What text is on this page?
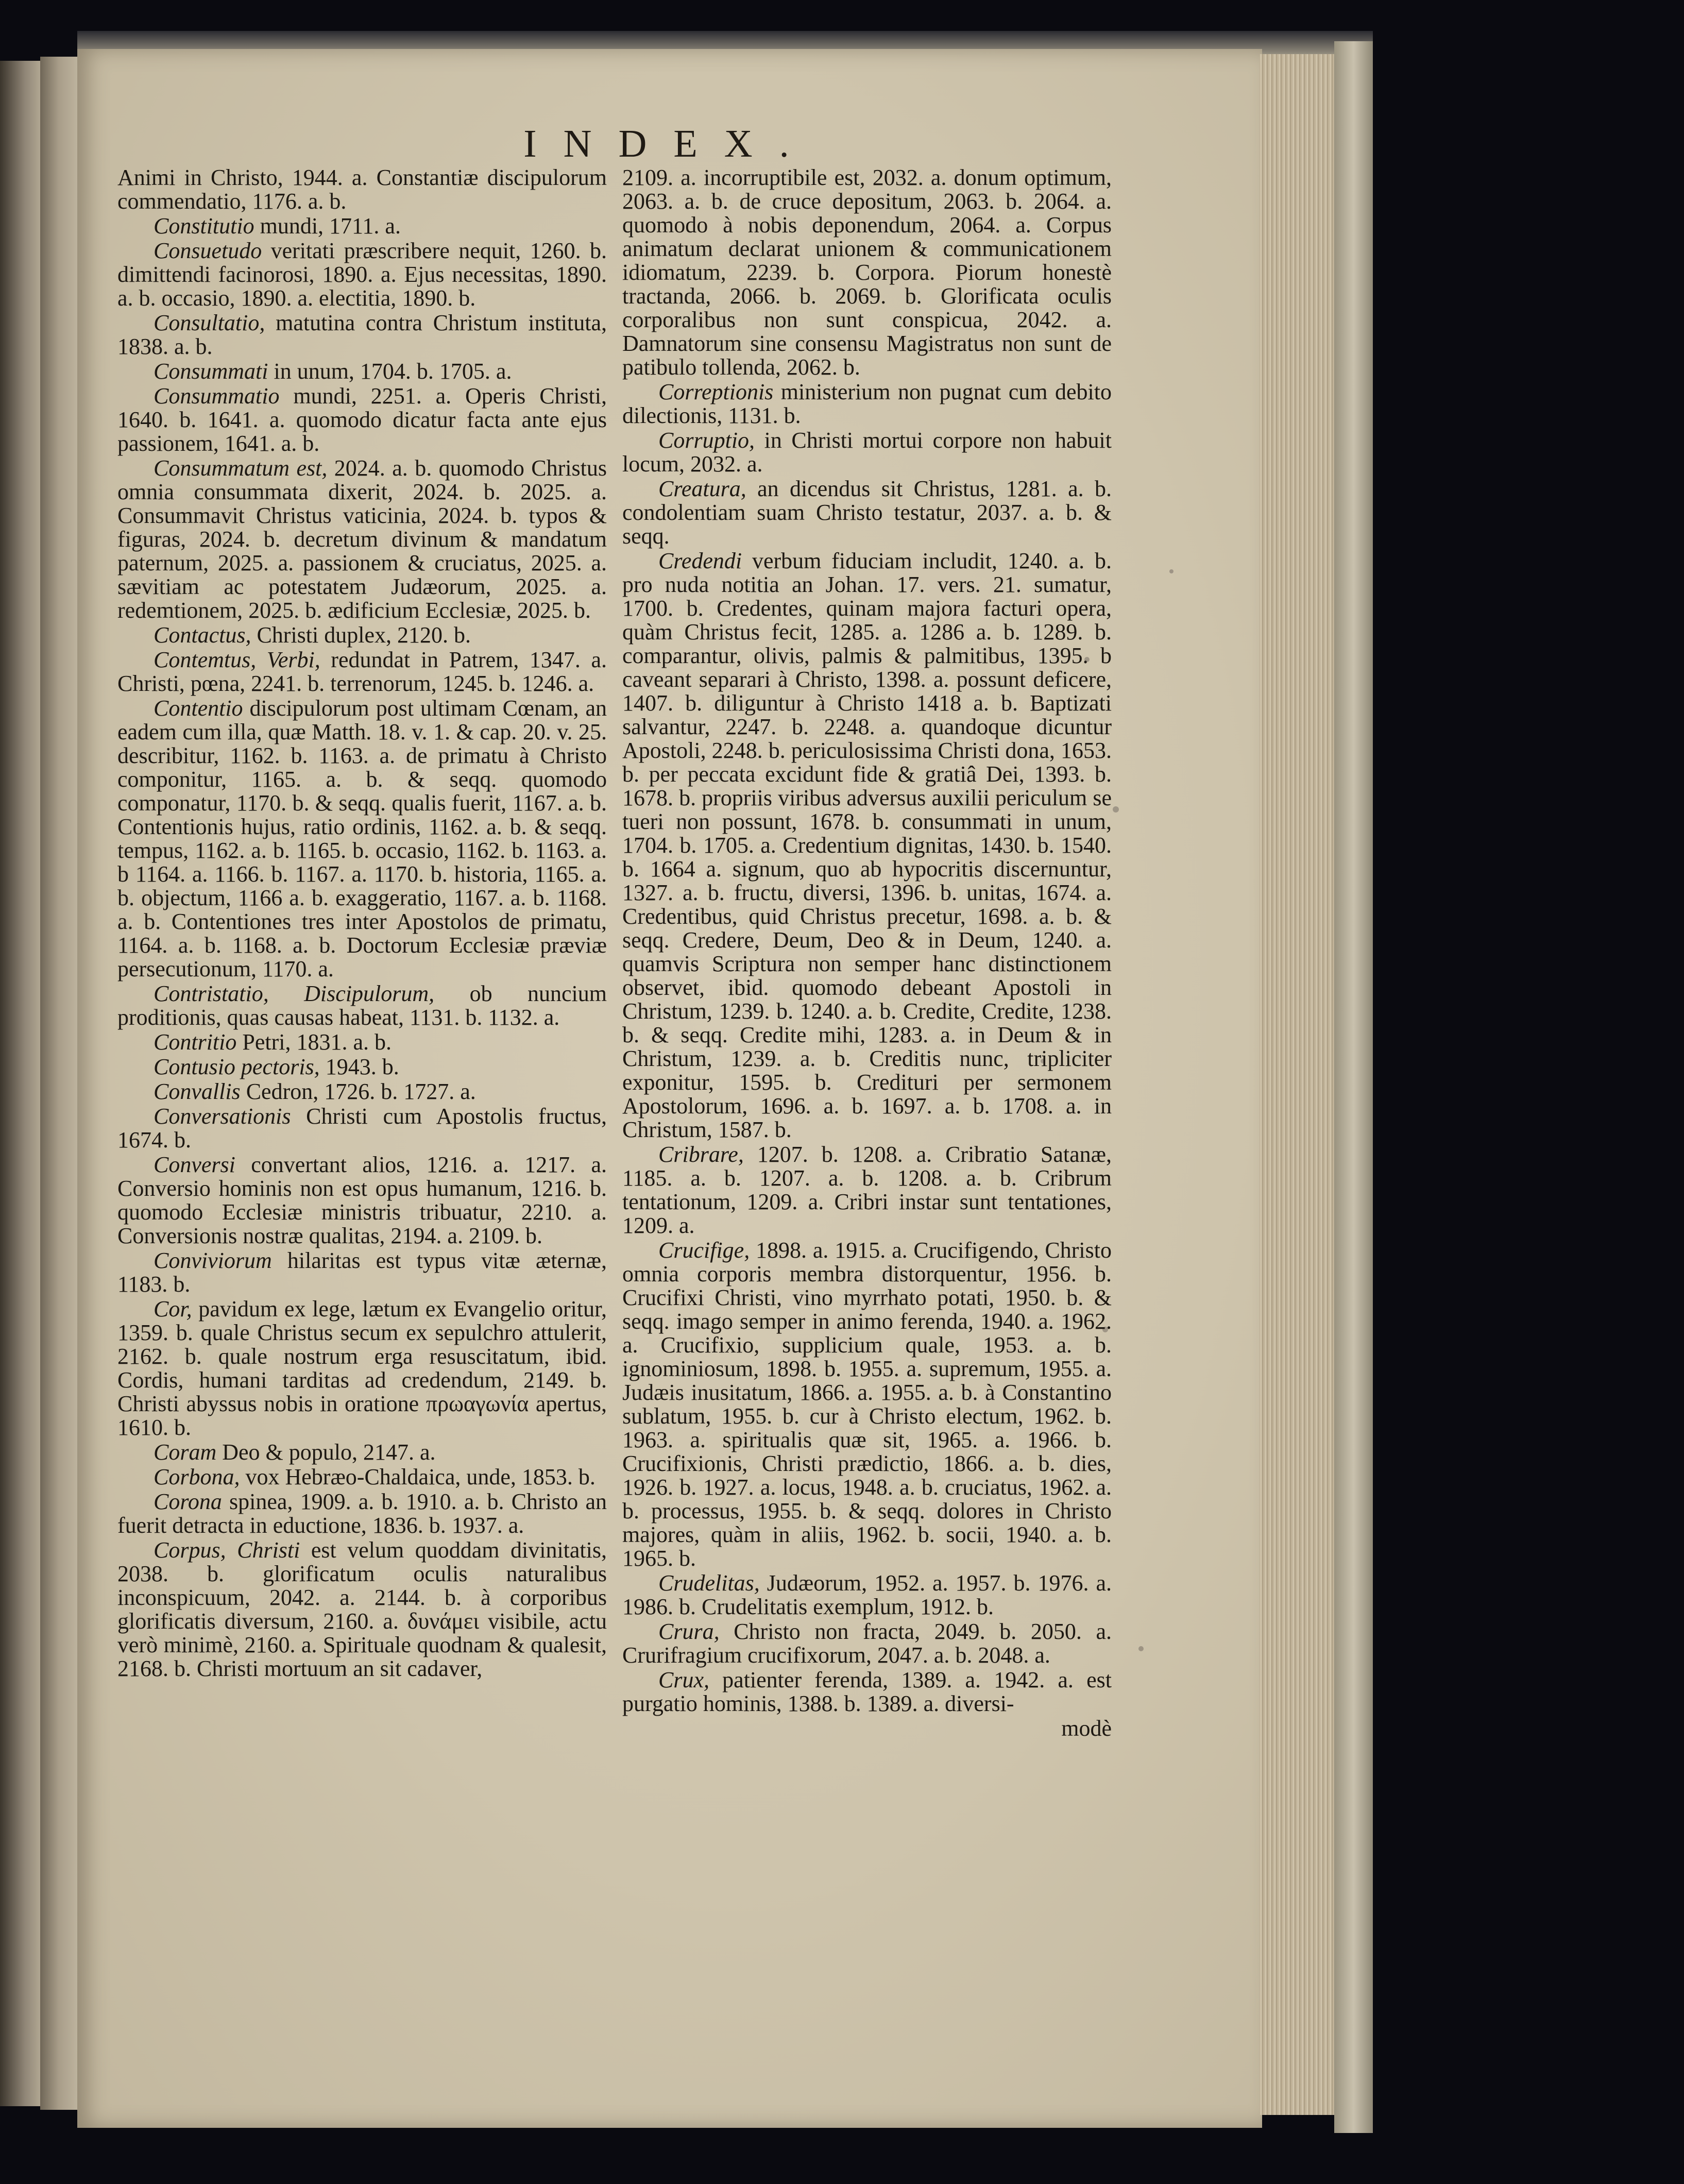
INDEX.

Animi in Christo, 1944. a. Constantiæ discipulorum commendatio, 1176. a. b.

Constitutio mundi, 1711. a.

Consuetudo veritati præscribere nequit, 1260. b. dimittendi facinorosi, 1890. a. Ejus necessitas, 1890. a. b. occasio, 1890. a. electitia, 1890. b.

Consultatio, matutina contra Christum instituta, 1838. a. b.

Consummati in unum, 1704. b. 1705. a.

Consummatio mundi, 2251. a. Operis Christi, 1640. b. 1641. a. quomodo dicatur facta ante ejus passionem, 1641. a. b.

Consummatum est, 2024. a. b. quomodo Christus omnia consummata dixerit, 2024. b. 2025. a. Consummavit Christus vaticinia, 2024. b. typos & figuras, 2024. b. decretum divinum & mandatum paternum, 2025. a. passionem & cruciatus, 2025. a. sævitiam ac potestatem Judæorum, 2025. a. redemtionem, 2025. b. ædificium Ecclesiæ, 2025. b.

Contactus, Christi duplex, 2120. b.

Contemtus, Verbi, redundat in Patrem, 1347. a. Christi, pœna, 2241. b. terrenorum, 1245. b. 1246. a.

Contentio discipulorum post ultimam Cœnam, an eadem cum illa, quæ Matth. 18. v. 1. & cap. 20. v. 25. describitur, 1162. b. 1163. a. de primatu à Christo componitur, 1165. a. b. & seqq. quomodo componatur, 1170. b. & seqq. qualis fuerit, 1167. a. b. Contentionis hujus, ratio ordinis, 1162. a. b. & seqq. tempus, 1162. a. b. 1165. b. occasio, 1162. b. 1163. a. b 1164. a. 1166. b. 1167. a. 1170. b. historia, 1165. a. b. objectum, 1166 a. b. exaggeratio, 1167. a. b. 1168. a. b. Contentiones tres inter Apostolos de primatu, 1164. a. b. 1168. a. b. Doctorum Ecclesiæ præviæ persecutionum, 1170. a.

Contristatio, Discipulorum, ob nuncium proditionis, quas causas habeat, 1131. b. 1132. a.

Contritio Petri, 1831. a. b.

Contusio pectoris, 1943. b.

Convallis Cedron, 1726. b. 1727. a.

Conversationis Christi cum Apostolis fructus, 1674. b.

Conversi convertant alios, 1216. a. 1217. a. Conversio hominis non est opus humanum, 1216. b. quomodo Ecclesiæ ministris tribuatur, 2210. a. Conversionis nostræ qualitas, 2194. a. 2109. b.

Conviviorum hilaritas est typus vitæ æternæ, 1183. b.

Cor, pavidum ex lege, lætum ex Evangelio oritur, 1359. b. quale Christus secum ex sepulchro attulerit, 2162. b. quale nostrum erga resuscitatum, ibid. Cordis, humani tarditas ad credendum, 2149. b. Christi abyssus nobis in oratione πρωαγωνία apertus, 1610. b.

Coram Deo & populo, 2147. a.

Corbona, vox Hebræo-Chaldaica, unde, 1853. b.

Corona spinea, 1909. a. b. 1910. a. b. Christo an fuerit detracta in eductione, 1836. b. 1937. a.

Corpus, Christi est velum quoddam divinitatis, 2038. b. glorificatum oculis naturalibus inconspicuum, 2042. a. 2144. b. à corporibus glorificatis diversum, 2160. a. δυνάμει visibile, actu verò minimè, 2160. a. Spirituale quodnam & qualesit, 2168. b. Christi mortuum an sit cadaver,

2109. a. incorruptibile est, 2032. a. donum optimum, 2063. a. b. de cruce depositum, 2063. b. 2064. a. quomodo à nobis deponendum, 2064. a. Corpus animatum declarat unionem & communicationem idiomatum, 2239. b. Corpora. Piorum honestè tractanda, 2066. b. 2069. b. Glorificata oculis corporalibus non sunt conspicua, 2042. a. Damnatorum sine consensu Magistratus non sunt de patibulo tollenda, 2062. b.

Correptionis ministerium non pugnat cum debito dilectionis, 1131. b.

Corruptio, in Christi mortui corpore non habuit locum, 2032. a.

Creatura, an dicendus sit Christus, 1281. a. b. condolentiam suam Christo testatur, 2037. a. b. & seqq.

Credendi verbum fiduciam includit, 1240. a. b. pro nuda notitia an Johan. 17. vers. 21. sumatur, 1700. b. Credentes, quinam majora facturi opera, quàm Christus fecit, 1285. a. 1286 a. b. 1289. b. comparantur, olivis, palmis & palmitibus, 1395. b caveant separari à Christo, 1398. a. possunt deficere, 1407. b. diliguntur à Christo 1418 a. b. Baptizati salvantur, 2247. b. 2248. a. quandoque dicuntur Apostoli, 2248. b. periculosissima Christi dona, 1653. b. per peccata excidunt fide & gratiâ Dei, 1393. b. 1678. b. propriis viribus adversus auxilii periculum se tueri non possunt, 1678. b. consummati in unum, 1704. b. 1705. a. Credentium dignitas, 1430. b. 1540. b. 1664 a. signum, quo ab hypocritis discernuntur, 1327. a. b. fructu, diversi, 1396. b. unitas, 1674. a. Credentibus, quid Christus precetur, 1698. a. b. & seqq. Credere, Deum, Deo & in Deum, 1240. a. quamvis Scriptura non semper hanc distinctionem observet, ibid. quomodo debeant Apostoli in Christum, 1239. b. 1240. a. b. Credite, Credite, 1238. b. & seqq. Credite mihi, 1283. a. in Deum & in Christum, 1239. a. b. Creditis nunc, tripliciter exponitur, 1595. b. Credituri per sermonem Apostolorum, 1696. a. b. 1697. a. b. 1708. a. in Christum, 1587. b.

Cribrare, 1207. b. 1208. a. Cribratio Satanæ, 1185. a. b. 1207. a. b. 1208. a. b. Cribrum tentationum, 1209. a. Cribri instar sunt tentationes, 1209. a.

Crucifige, 1898. a. 1915. a. Crucifigendo, Christo omnia corporis membra distorquentur, 1956. b. Crucifixi Christi, vino myrrhato potati, 1950. b. & seqq. imago semper in animo ferenda, 1940. a. 1962. a. Crucifixio, supplicium quale, 1953. a. b. ignominiosum, 1898. b. 1955. a. supremum, 1955. a. Judæis inusitatum, 1866. a. 1955. a. b. à Constantino sublatum, 1955. b. cur à Christo electum, 1962. b. 1963. a. spiritualis quæ sit, 1965. a. 1966. b. Crucifixionis, Christi prædictio, 1866. a. b. dies, 1926. b. 1927. a. locus, 1948. a. b. cruciatus, 1962. a. b. processus, 1955. b. & seqq. dolores in Christo majores, quàm in aliis, 1962. b. socii, 1940. a. b. 1965. b.

Crudelitas, Judæorum, 1952. a. 1957. b. 1976. a. 1986. b. Crudelitatis exemplum, 1912. b.

Crura, Christo non fracta, 2049. b. 2050. a. Crurifragium crucifixorum, 2047. a. b. 2048. a.

Crux, patienter ferenda, 1389. a. 1942. a. est purgatio hominis, 1388. b. 1389. a. diversi-

modè
